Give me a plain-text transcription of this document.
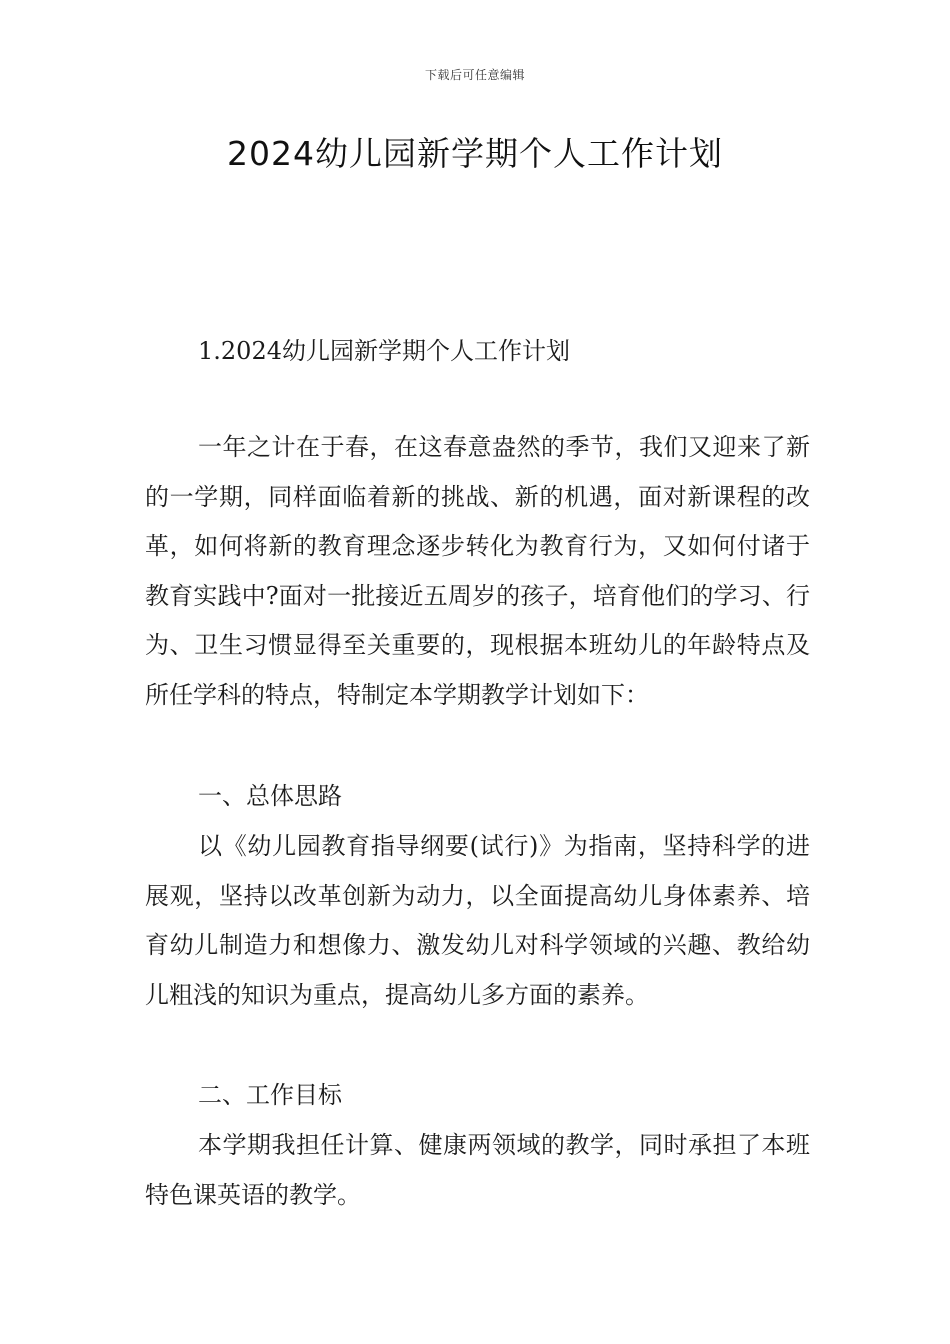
下载后可任意编辑
2024幼儿园新学期个人工作计划
1.2024幼儿园新学期个人工作计划

一年之计在于春，在这春意盎然的季节，我们又迎来了新的一学期，同样面临着新的挑战、新的机遇，面对新课程的改革，如何将新的教育理念逐步转化为教育行为，又如何付诸于教育实践中?面对一批接近五周岁的孩子，培育他们的学习、行为、卫生习惯显得至关重要的，现根据本班幼儿的年龄特点及所任学科的特点，特制定本学期教学计划如下：

一、总体思路

以《幼儿园教育指导纲要(试行)》为指南，坚持科学的进展观，坚持以改革创新为动力，以全面提高幼儿身体素养、培育幼儿制造力和想像力、激发幼儿对科学领域的兴趣、教给幼儿粗浅的知识为重点，提高幼儿多方面的素养。

二、工作目标

本学期我担任计算、健康两领域的教学，同时承担了本班特色课英语的教学。
